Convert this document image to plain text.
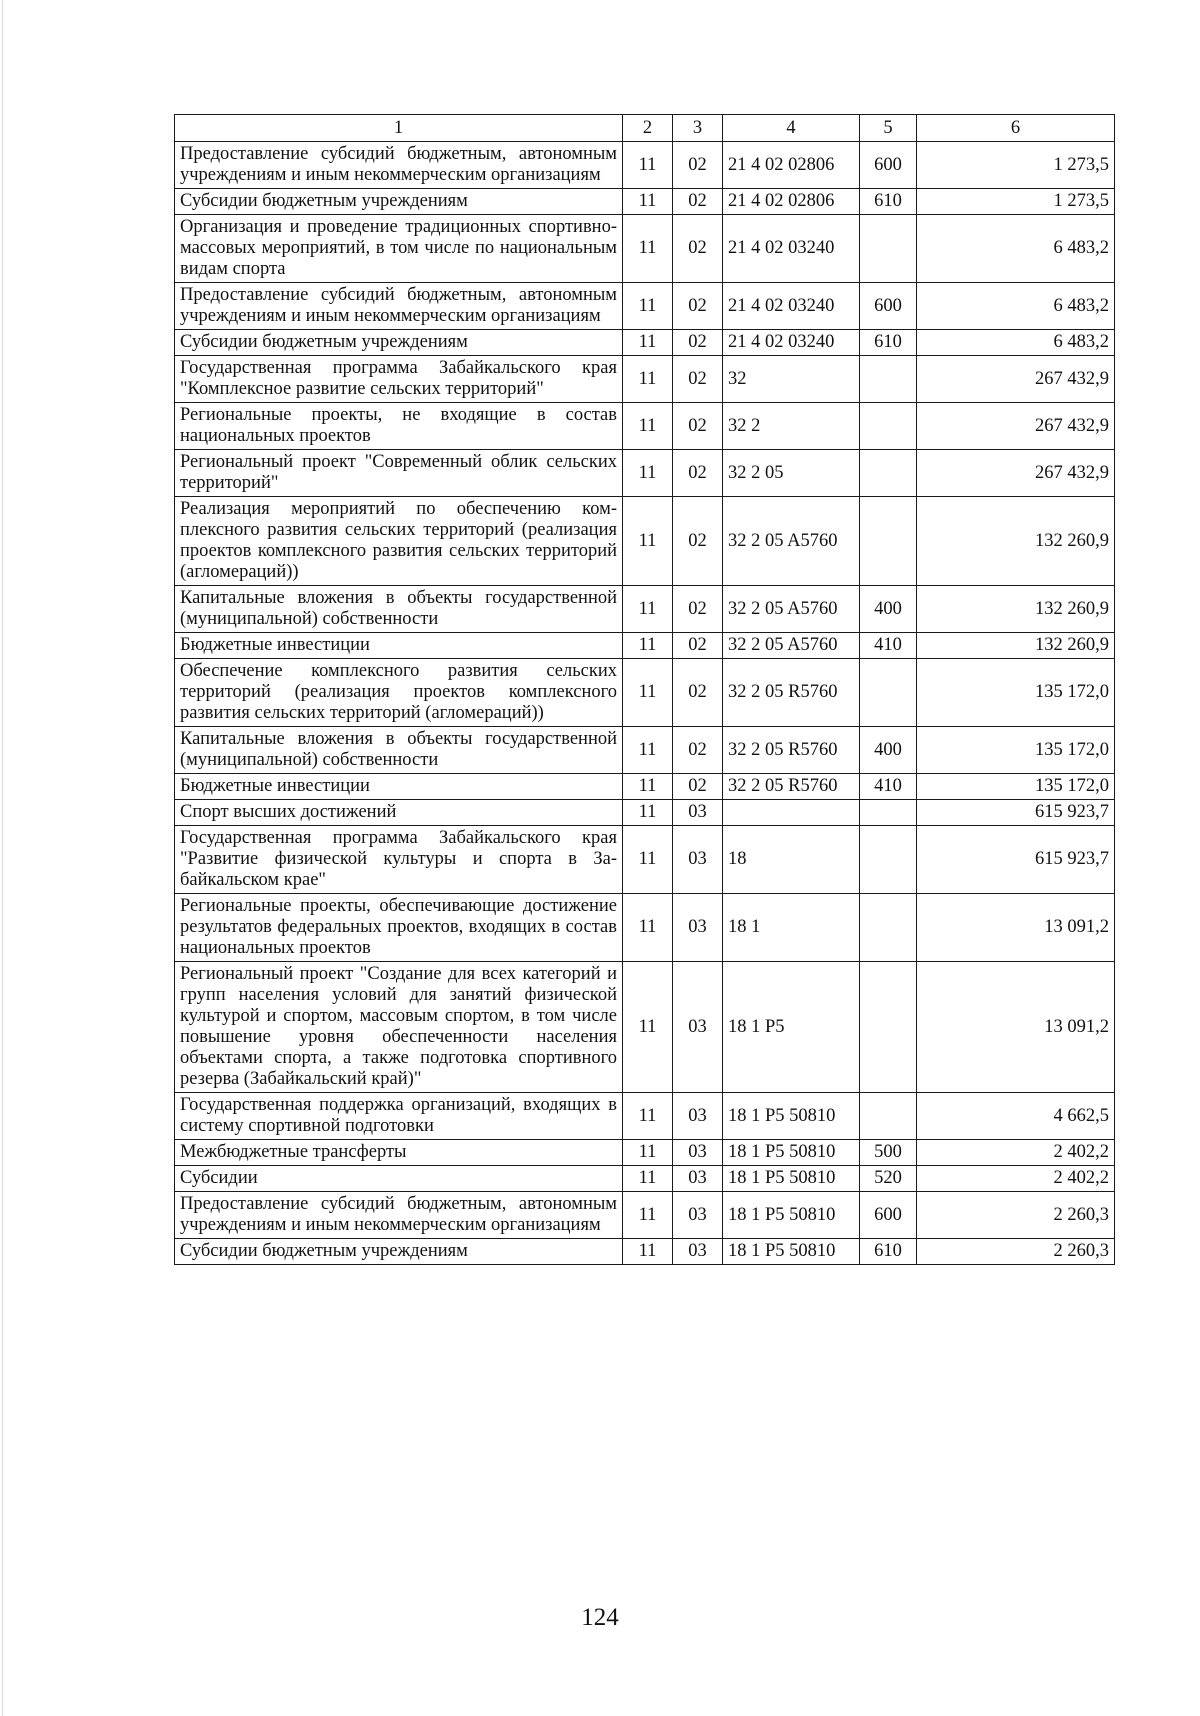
1	2	3	4	5	6
Предоставление субсидий бюджетным, автономным учреждениям и иным некоммерческим организациям	11	02	21 4 02 02806	600	1 273,5
Субсидии бюджетным учреждениям	11	02	21 4 02 02806	610	1 273,5
Организация и проведение традиционных спортивно-массовых мероприятий, в том числе по национальным видам спорта	11	02	21 4 02 03240		6 483,2
Предоставление субсидий бюджетным, автономным учреждениям и иным некоммерческим организациям	11	02	21 4 02 03240	600	6 483,2
Субсидии бюджетным учреждениям	11	02	21 4 02 03240	610	6 483,2
Государственная программа Забайкальского края "Комплексное развитие сельских территорий"	11	02	32		267 432,9
Региональные проекты, не входящие в состав национальных проектов	11	02	32 2		267 432,9
Региональный проект "Современный облик сельских территорий"	11	02	32 2 05		267 432,9
Реализация мероприятий по обеспечению комплексного развития сельских территорий (реализация проектов комплексного развития сельских территорий (агломераций))	11	02	32 2 05 A5760		132 260,9
Капитальные вложения в объекты государственной (муниципальной) собственности	11	02	32 2 05 A5760	400	132 260,9
Бюджетные инвестиции	11	02	32 2 05 A5760	410	132 260,9
Обеспечение комплексного развития сельских территорий (реализация проектов комплексного развития сельских территорий (агломераций))	11	02	32 2 05 R5760		135 172,0
Капитальные вложения в объекты государственной (муниципальной) собственности	11	02	32 2 05 R5760	400	135 172,0
Бюджетные инвестиции	11	02	32 2 05 R5760	410	135 172,0
Спорт высших достижений	11	03			615 923,7
Государственная программа Забайкальского края "Развитие физической культуры и спорта в Забайкальском крае"	11	03	18		615 923,7
Региональные проекты, обеспечивающие достижение результатов федеральных проектов, входящих в состав национальных проектов	11	03	18 1		13 091,2
Региональный проект "Создание для всех категорий и групп населения условий для занятий физической культурой и спортом, массовым спортом, в том числе повышение уровня обеспеченности населения объектами спорта, а также подготовка спортивного резерва (Забайкальский край)"	11	03	18 1 P5		13 091,2
Государственная поддержка организаций, входящих в систему спортивной подготовки	11	03	18 1 P5 50810		4 662,5
Межбюджетные трансферты	11	03	18 1 P5 50810	500	2 402,2
Субсидии	11	03	18 1 P5 50810	520	2 402,2
Предоставление субсидий бюджетным, автономным учреждениям и иным некоммерческим организациям	11	03	18 1 P5 50810	600	2 260,3
Субсидии бюджетным учреждениям	11	03	18 1 P5 50810	610	2 260,3
124
